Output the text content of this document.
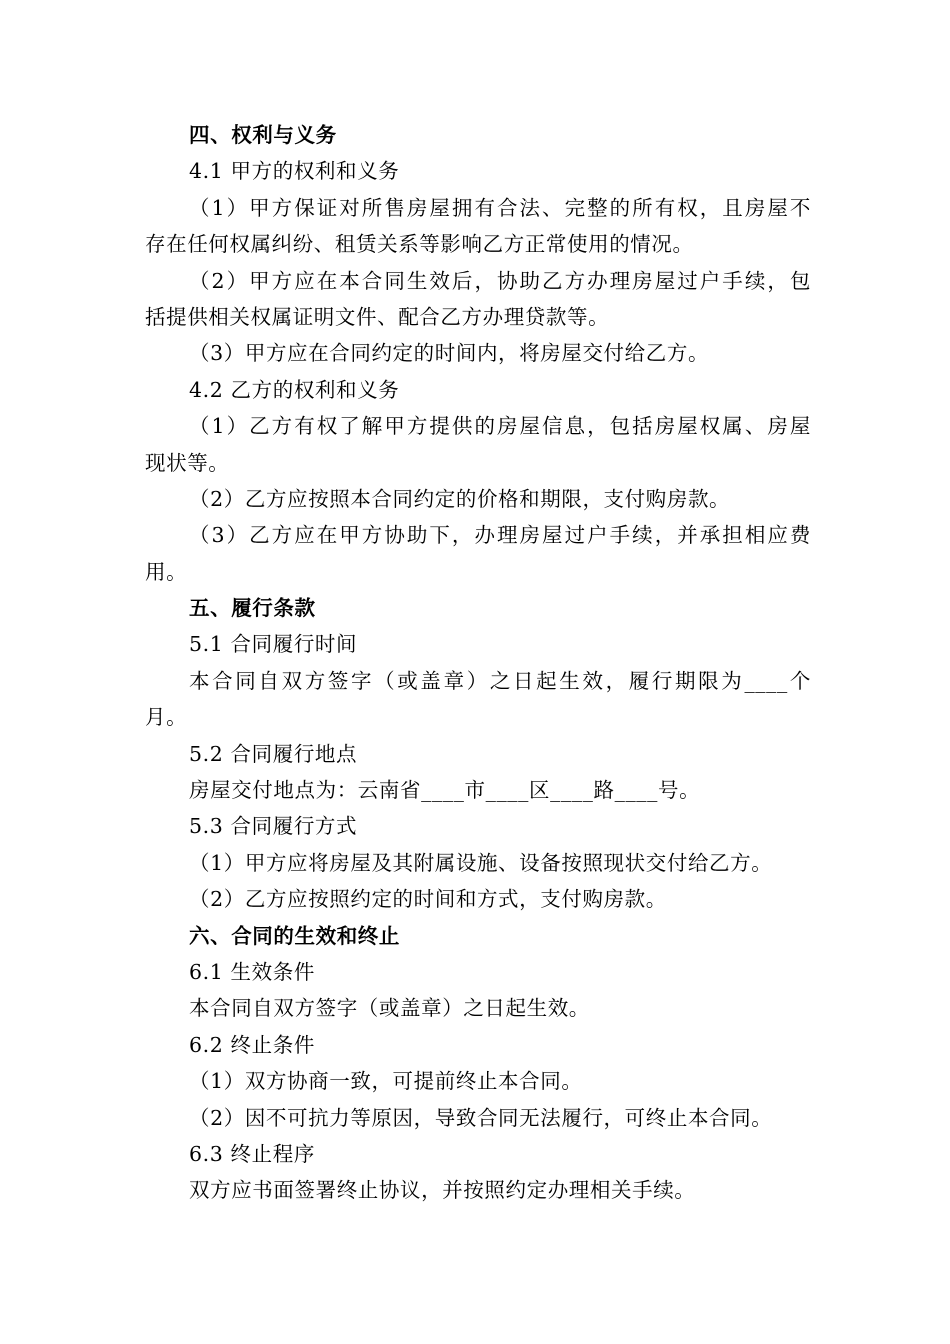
四、权利与义务
4.1 甲方的权利和义务
（1）甲方保证对所售房屋拥有合法、完整的所有权，且房屋不
存在任何权属纠纷、租赁关系等影响乙方正常使用的情况。
（2）甲方应在本合同生效后，协助乙方办理房屋过户手续，包
括提供相关权属证明文件、配合乙方办理贷款等。
（3）甲方应在合同约定的时间内，将房屋交付给乙方。
4.2 乙方的权利和义务
（1）乙方有权了解甲方提供的房屋信息，包括房屋权属、房屋
现状等。
（2）乙方应按照本合同约定的价格和期限，支付购房款。
（3）乙方应在甲方协助下，办理房屋过户手续，并承担相应费
用。
五、履行条款
5.1 合同履行时间
本合同自双方签字（或盖章）之日起生效，履行期限为____个
月。
5.2 合同履行地点
房屋交付地点为：云南省____市____区____路____号。
5.3 合同履行方式
（1）甲方应将房屋及其附属设施、设备按照现状交付给乙方。
（2）乙方应按照约定的时间和方式，支付购房款。
六、合同的生效和终止
6.1 生效条件
本合同自双方签字（或盖章）之日起生效。
6.2 终止条件
（1）双方协商一致，可提前终止本合同。
（2）因不可抗力等原因，导致合同无法履行，可终止本合同。
6.3 终止程序
双方应书面签署终止协议，并按照约定办理相关手续。
